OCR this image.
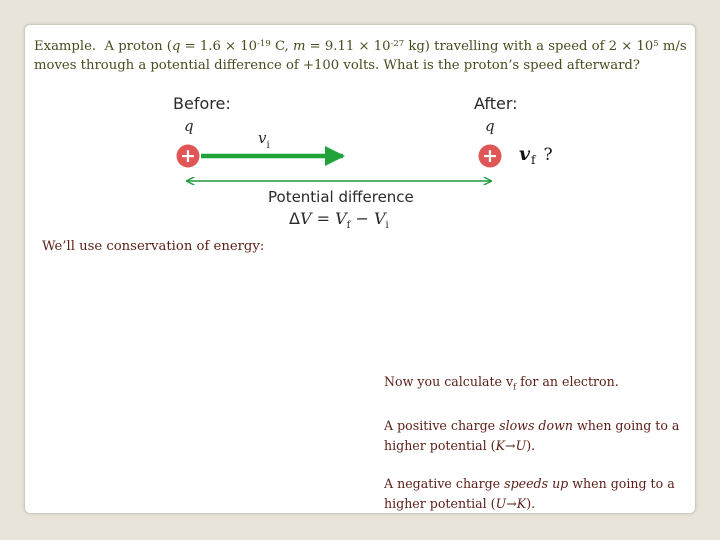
Example. A proton ($q = 1.6 \times 10^{-19}$ C, $m = 9.11 \times 10^{-27}$ kg) travelling with a speed of $2 \times 10^5$ m/s moves through a potential difference of +100 volts. What is the proton’s speed afterward?
Before:	After:
q	q
$v_i$
+	+
Potential difference
$\Delta V = V_f - V_i$
$v_f$ ?
We’ll use conservation of energy:

Now you calculate $v_f$ for an electron.

A positive charge slows down when going to a higher potential (K→U).

A negative charge speeds up when going to a higher potential (U→K).
